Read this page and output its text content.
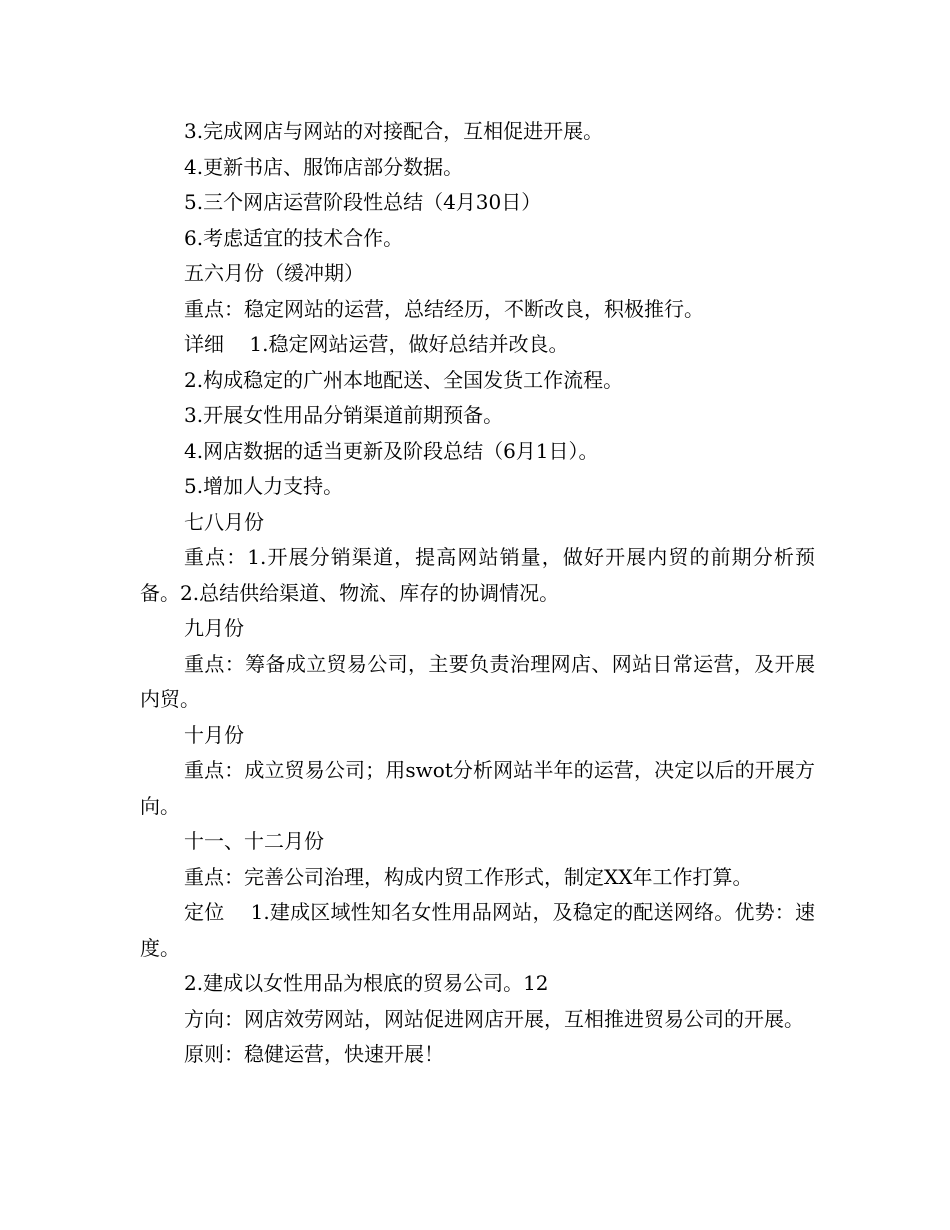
3.完成网店与网站的对接配合，互相促进开展。

4.更新书店、服饰店部分数据。

5.三个网店运营阶段性总结（4月30日）

6.考虑适宜的技术合作。

五六月份（缓冲期）

重点：稳定网站的运营，总结经历，不断改良，积极推行。

详细    1.稳定网站运营，做好总结并改良。

2.构成稳定的广州本地配送、全国发货工作流程。

3.开展女性用品分销渠道前期预备。

4.网店数据的适当更新及阶段总结（6月1日）。

5.增加人力支持。

七八月份

重点：1.开展分销渠道，提高网站销量，做好开展内贸的前期分析预备。2.总结供给渠道、物流、库存的协调情况。

九月份

重点：筹备成立贸易公司，主要负责治理网店、网站日常运营，及开展内贸。

十月份

重点：成立贸易公司；用swot分析网站半年的运营，决定以后的开展方向。

十一、十二月份

重点：完善公司治理，构成内贸工作形式，制定XX年工作打算。

定位    1.建成区域性知名女性用品网站，及稳定的配送网络。优势：速度。

2.建成以女性用品为根底的贸易公司。12

方向：网店效劳网站，网站促进网店开展，互相推进贸易公司的开展。

原则：稳健运营，快速开展！
